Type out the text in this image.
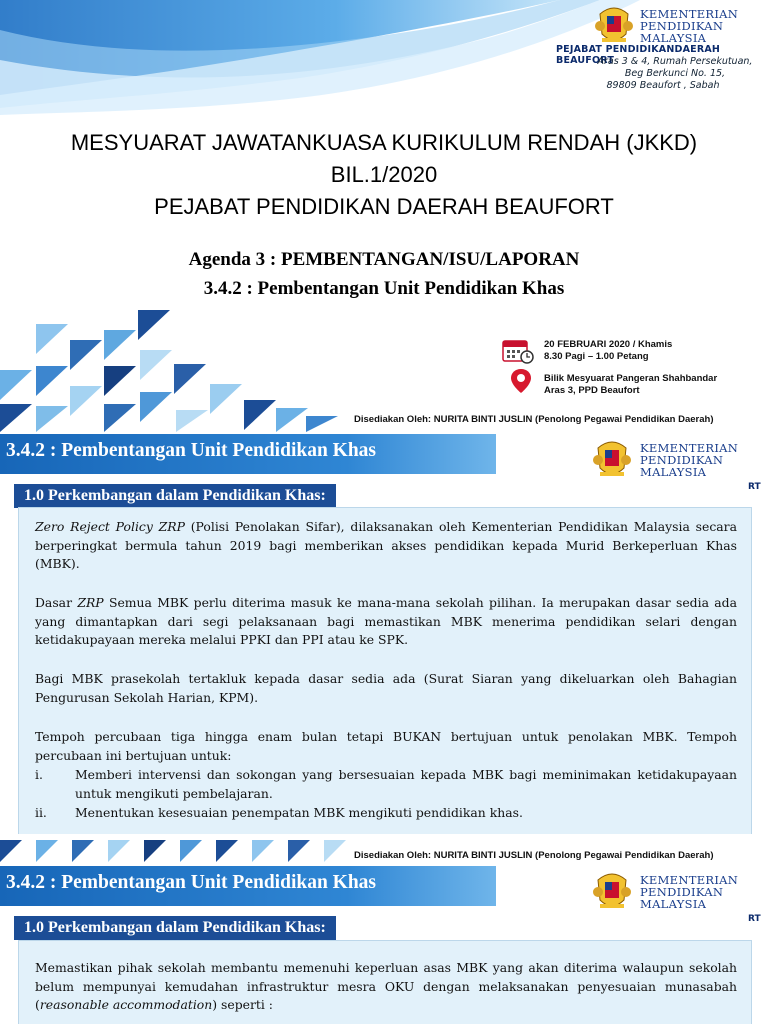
KEMENTERIAN
PENDIDIKAN
MALAYSIA
PEJABAT PENDIDIKANDAERAH BEAUFORT
Aras 3 & 4, Rumah Persekutuan,
Beg Berkunci No. 15,
89809 Beaufort , Sabah
MESYUARAT JAWATANKUASA KURIKULUM RENDAH (JKKD)
BIL.1/2020
PEJABAT PENDIDIKAN DAERAH BEAUFORT
Agenda 3 : PEMBENTANGAN/ISU/LAPORAN
3.4.2 : Pembentangan Unit Pendidikan Khas
20 FEBRUARI 2020 / Khamis
8.30 Pagi – 1.00 Petang
Bilik Mesyuarat Pangeran Shahbandar
Aras 3, PPD Beaufort
Disediakan Oleh: NURITA BINTI JUSLIN (Penolong Pegawai Pendidikan Daerah)
3.4.2 : Pembentangan Unit Pendidikan Khas	KEMENTERIAN
PENDIDIKAN
MALAYSIA
RT
1.0 Perkembangan dalam Pendidikan Khas:
Zero Reject Policy ZRP (Polisi Penolakan Sifar), dilaksanakan oleh Kementerian Pendidikan Malaysia secara berperingkat bermula tahun 2019 bagi memberikan akses pendidikan kepada Murid Berkeperluan Khas (MBK).
Dasar ZRP Semua MBK perlu diterima masuk ke mana-mana sekolah pilihan. Ia merupakan dasar sedia ada yang dimantapkan dari segi pelaksanaan bagi memastikan MBK menerima pendidikan selari dengan ketidakupayaan mereka melalui PPKI dan PPI atau ke SPK.
Bagi MBK prasekolah tertakluk kepada dasar sedia ada (Surat Siaran yang dikeluarkan oleh Bahagian Pengurusan Sekolah Harian, KPM).
Tempoh percubaan tiga hingga enam bulan tetapi BUKAN bertujuan untuk penolakan MBK. Tempoh percubaan ini bertujuan untuk:
i.	Memberi intervensi dan sokongan yang bersesuaian kepada MBK bagi meminimakan ketidakupayaan untuk mengikuti pembelajaran.
ii. Menentukan kesesuaian penempatan MBK mengikuti pendidikan khas.
Disediakan Oleh: NURITA BINTI JUSLIN (Penolong Pegawai Pendidikan Daerah)
3.4.2 : Pembentangan Unit Pendidikan Khas	KEMENTERIAN
PENDIDIKAN
MALAYSIA
RT
1.0 Perkembangan dalam Pendidikan Khas:
Memastikan pihak sekolah membantu memenuhi keperluan asas MBK yang akan diterima walaupun sekolah belum mempunyai kemudahan infrastruktur mesra OKU dengan melaksanakan penyesuaian munasabah (reasonable accommodation) seperti :
